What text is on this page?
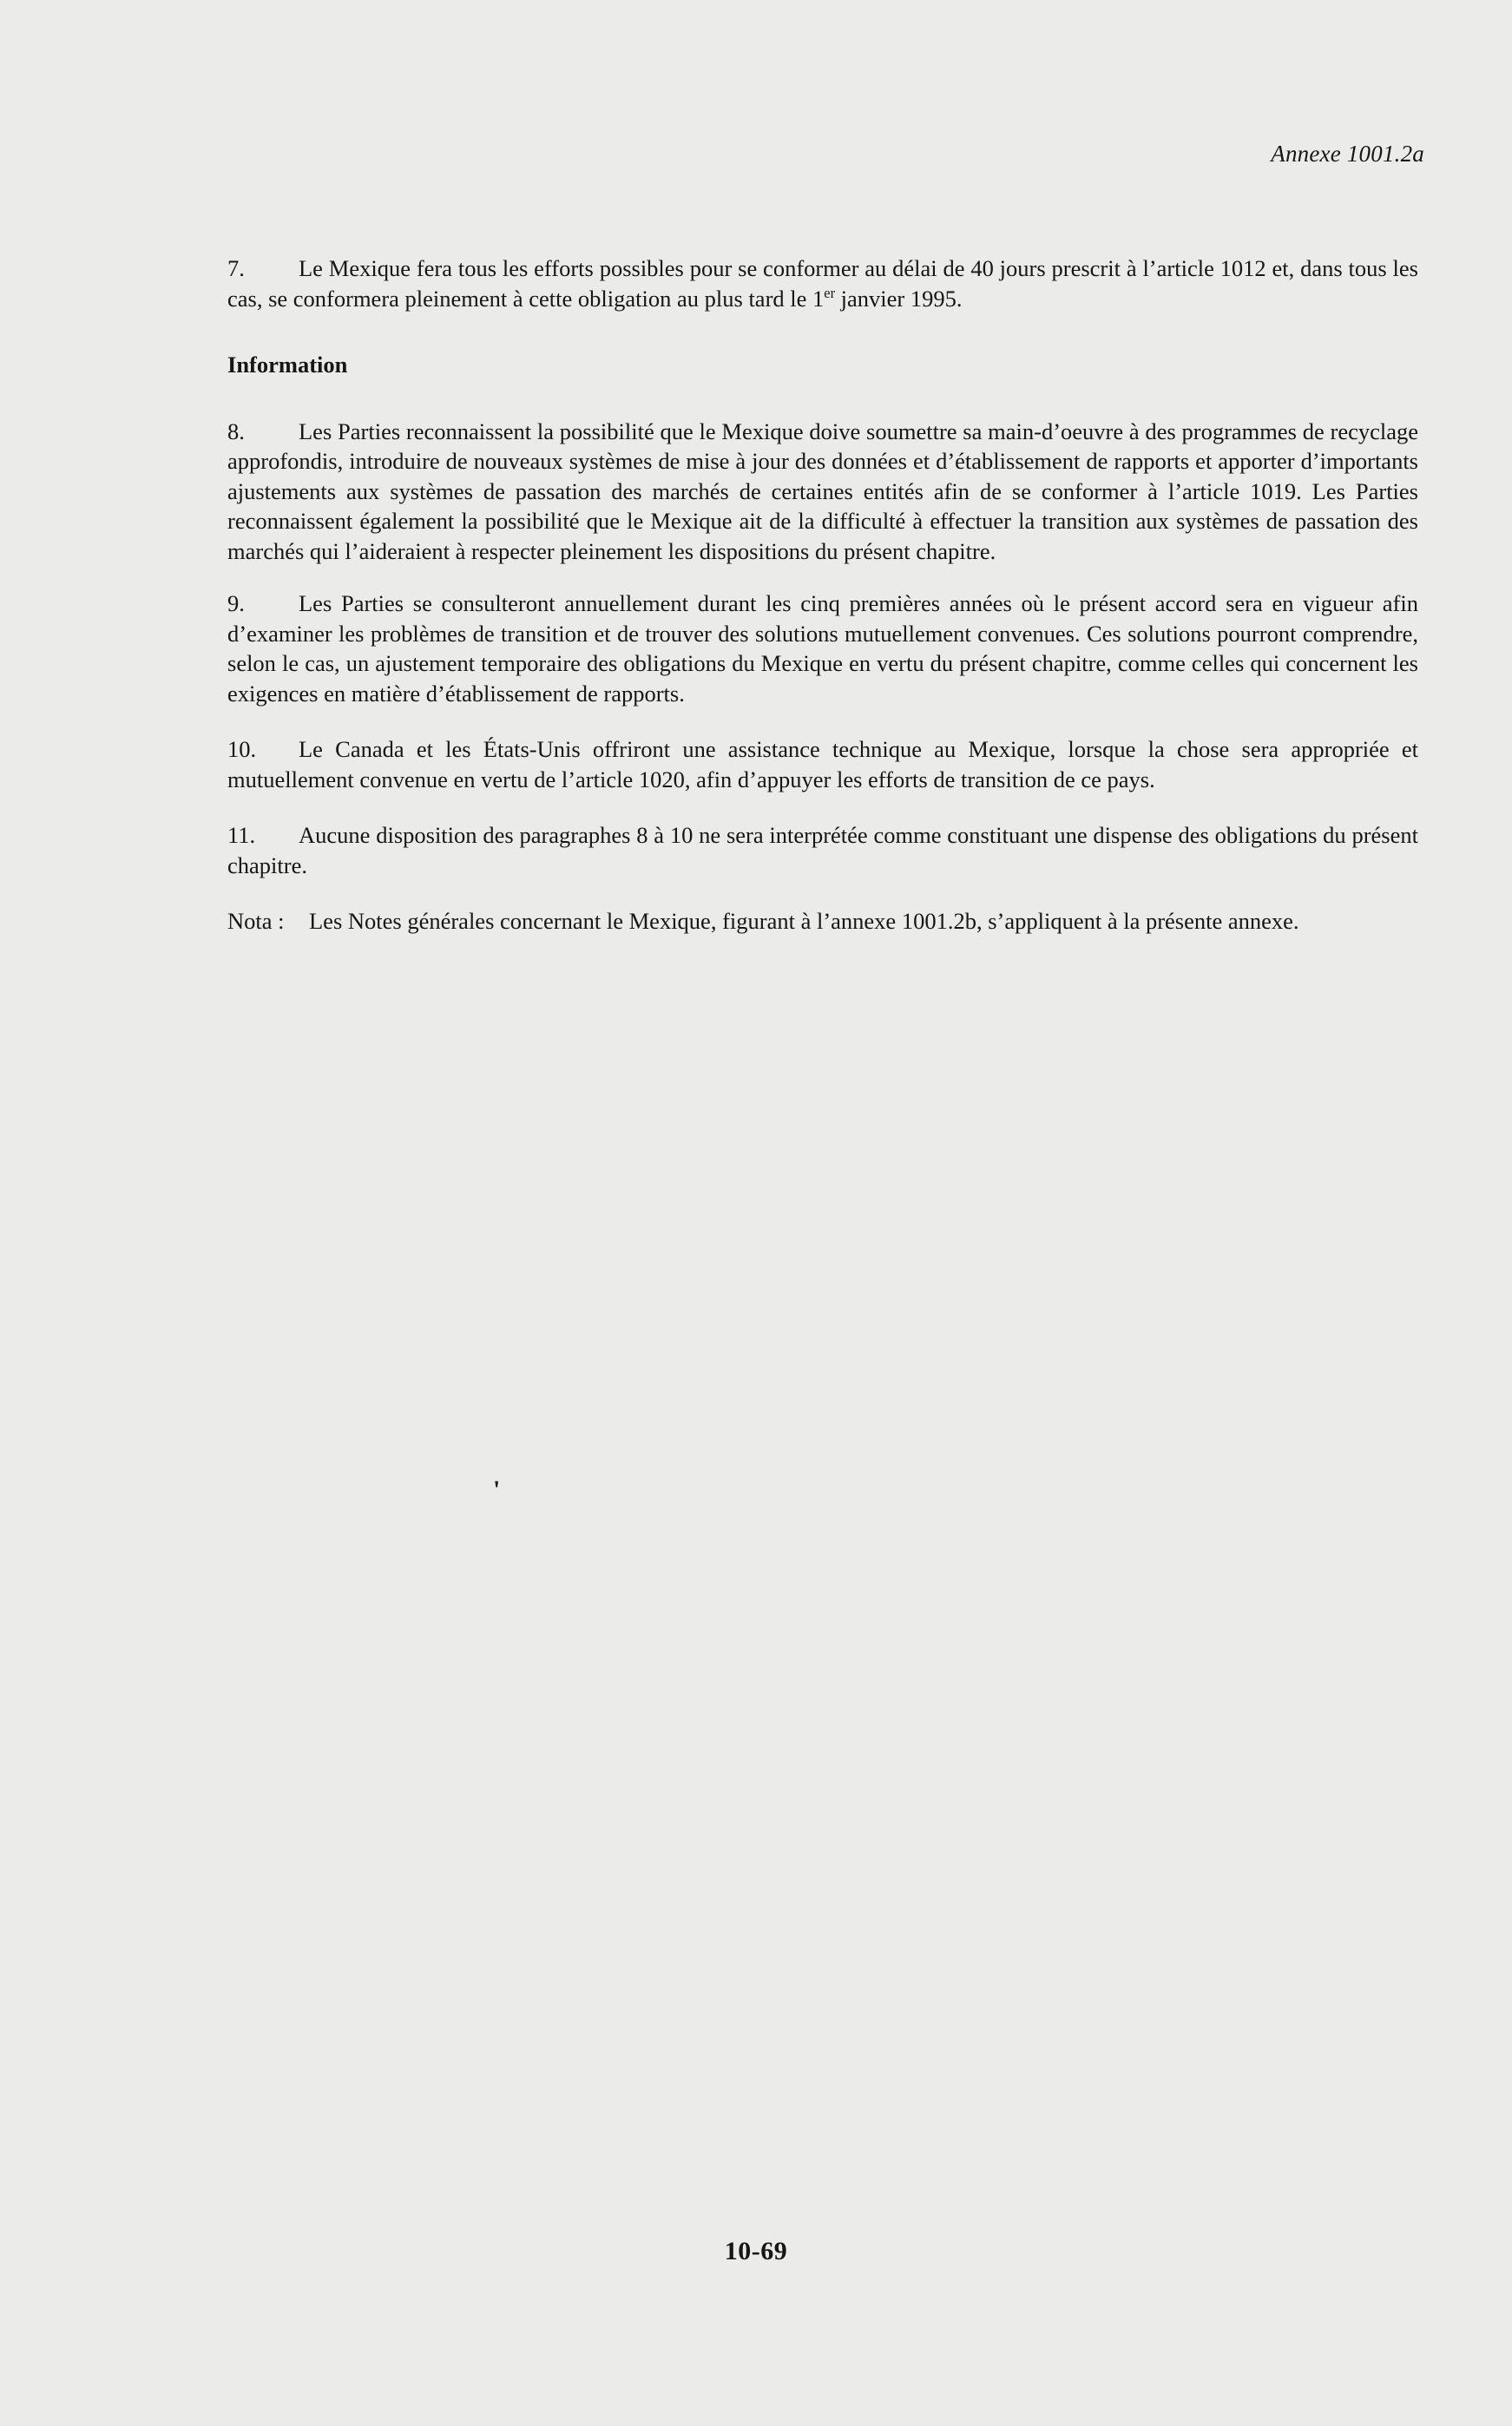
Annexe 1001.2a

7. Le Mexique fera tous les efforts possibles pour se conformer au délai de 40 jours prescrit à l’article 1012 et, dans tous les cas, se conformera pleinement à cette obligation au plus tard le 1er janvier 1995.

Information

8. Les Parties reconnaissent la possibilité que le Mexique doive soumettre sa main-d’oeuvre à des programmes de recyclage approfondis, introduire de nouveaux systèmes de mise à jour des données et d’établissement de rapports et apporter d’importants ajustements aux systèmes de passation des marchés de certaines entités afin de se conformer à l’article 1019. Les Parties reconnaissent également la possibilité que le Mexique ait de la difficulté à effectuer la transition aux systèmes de passation des marchés qui l’aideraient à respecter pleinement les dispositions du présent chapitre.

9. Les Parties se consulteront annuellement durant les cinq premières années où le présent accord sera en vigueur afin d’examiner les problèmes de transition et de trouver des solutions mutuellement convenues. Ces solutions pourront comprendre, selon le cas, un ajustement temporaire des obligations du Mexique en vertu du présent chapitre, comme celles qui concernent les exigences en matière d’établissement de rapports.

10. Le Canada et les États-Unis offriront une assistance technique au Mexique, lorsque la chose sera appropriée et mutuellement convenue en vertu de l’article 1020, afin d’appuyer les efforts de transition de ce pays.

11. Aucune disposition des paragraphes 8 à 10 ne sera interprétée comme constituant une dispense des obligations du présent chapitre.

Nota :	Les Notes générales concernant le Mexique, figurant à l’annexe 1001.2b, s’appliquent à la présente annexe.
'
10-69
